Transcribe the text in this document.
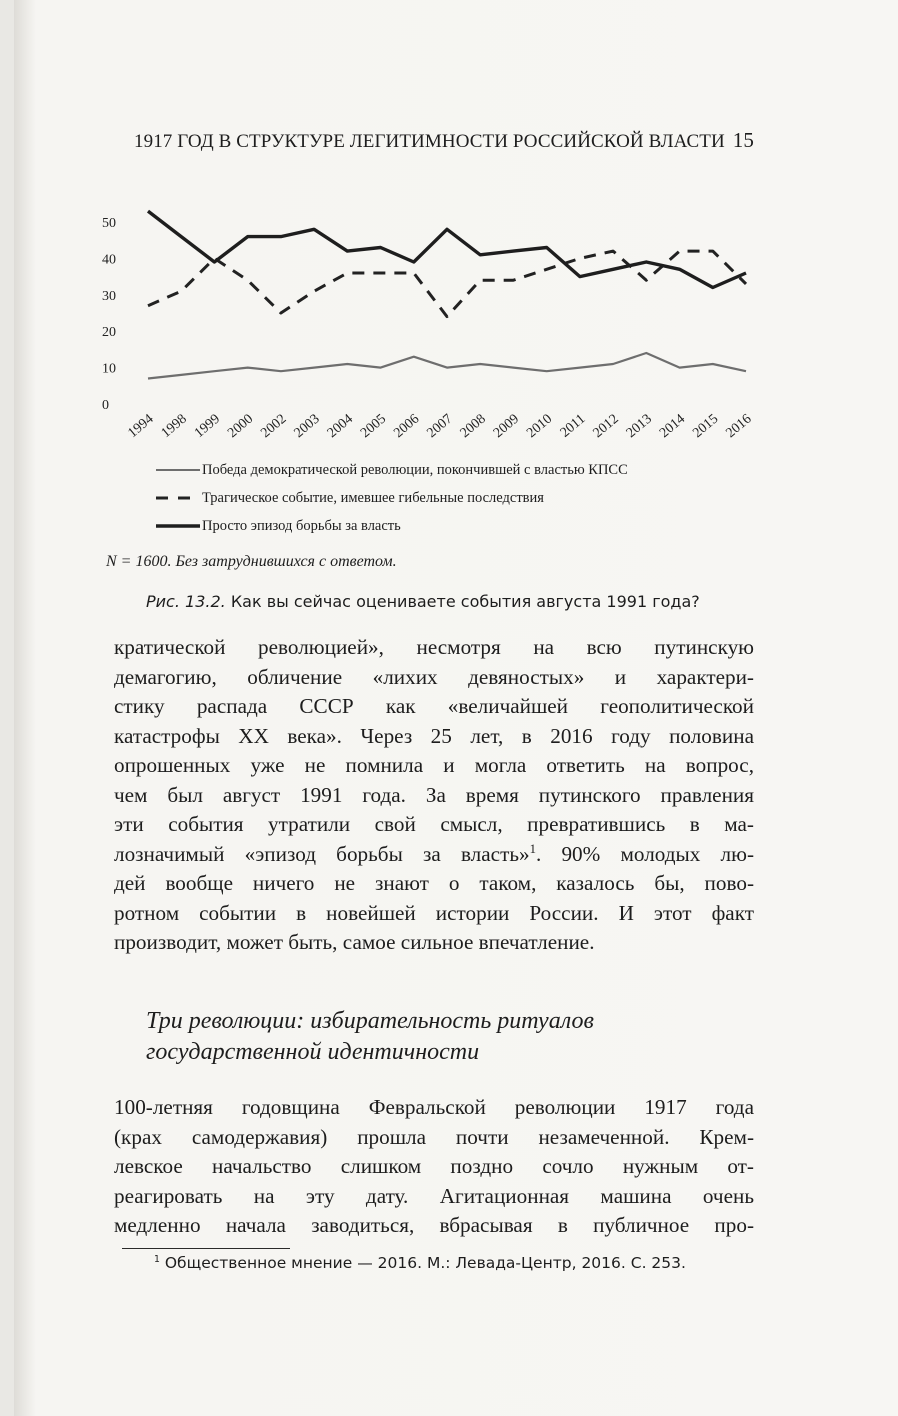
1917 ГОД В СТРУКТУРЕ ЛЕГИТИМНОСТИ РОССИЙСКОЙ ВЛАСТИ 15
50
40
30
20
10
0
1994 1998 1999 2000 2002 2003 2004 2005 2006 2007 2008 2009 2010 2011 2012 2013 2014 2015 2016
Победа демократической революции, покончившей с властью КПСС
Трагическое событие, имевшее гибельные последствия
Просто эпизод борьбы за власть
N = 1600. Без затруднившихся с ответом.
Рис. 13.2. Как вы сейчас оцениваете события августа 1991 года?
кратической революцией», несмотря на всю путинскую
демагогию, обличение «лихих девяностых» и характери-
стику распада СССР как «величайшей геополитической
катастрофы XX века». Через 25 лет, в 2016 году половина
опрошенных уже не помнила и могла ответить на вопрос,
чем был август 1991 года. За время путинского правления
эти события утратили свой смысл, превратившись в ма-
лозначимый «эпизод борьбы за власть»$^1$. 90% молодых лю-
дей вообще ничего не знают о таком, казалось бы, пово-
ротном событии в новейшей истории России. И этот факт
производит, может быть, самое сильное впечатление.
Три революции: избирательность ритуалов
государственной идентичности
100-летняя годовщина Февральской революции 1917 года
(крах самодержавия) прошла почти незамеченной. Крем-
левское начальство слишком поздно сочло нужным от-
реагировать на эту дату. Агитационная машина очень
медленно начала заводиться, вбрасывая в публичное про-
$^1$ Общественное мнение — 2016. М.: Левада-Центр, 2016. С. 253.
